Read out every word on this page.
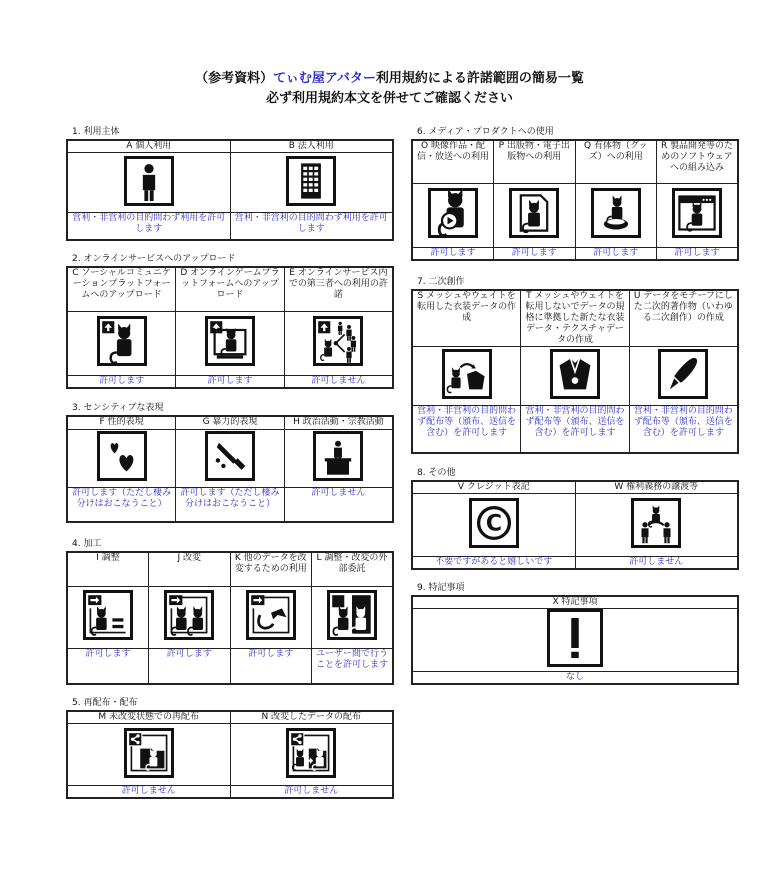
（参考資料）てぃむ屋アバター利用規約による許諾範囲の簡易一覧
必ず利用規約本文を併せてご確認ください
1. 利用主体
A 個人利用	B 法人利用

営利・非営利の目的問わず利用を許可します	営利・非営利の目的問わず利用を許可します
2. オンラインサービスへのアップロード
C ソーシャルコミュニケーションプラットフォームへのアップロード	D オンラインゲームプラットフォームへのアップロード	E オンラインサービス内での第三者への利用の許諾

許可します	許可します	許可しません
3. センシティブな表現
F 性的表現	G 暴力的表現	H 政治活動・宗教活動

許可します（ただし棲み分けはおこなうこと）	許可します（ただし棲み分けはおこなうこと）	許可しません
4. 加工
I 調整	J 改変	K 他のデータを改変するための利用	L 調整・改変の外部委託

許可します	許可します	許可します	ユーザー間で行うことを許可します
5. 再配布・配布
M 未改変状態での再配布	N 改変したデータの配布

許可しません	許可しません
6. メディア・プロダクトへの使用
O 映像作品・配信・放送への利用	P 出版物・電子出版物への利用	Q 有体物（グッズ）への利用	R 製品開発等のためのソフトウェアへの組み込み

許可します	許可します	許可します	許可します
7. 二次創作
S メッシュやウェイトを転用した衣装データの作成	T メッシュやウェイトを転用しないでデータの規格に準拠した新たな衣装データ・テクスチャデータの作成	U データをモチーフにした二次的著作物（いわゆる二次創作）の作成

営利・非営利の目的問わず配布等（頒布、送信を含む）を許可します	営利・非営利の目的問わず配布等（頒布、送信を含む）を許可します	営利・非営利の目的問わず配布等（頒布、送信を含む）を許可します
8. その他
V クレジット表記	W 権利義務の譲渡等

C

不要ですがあると嬉しいです	許可しません
9. 特記事項
X 特記事項

なし
